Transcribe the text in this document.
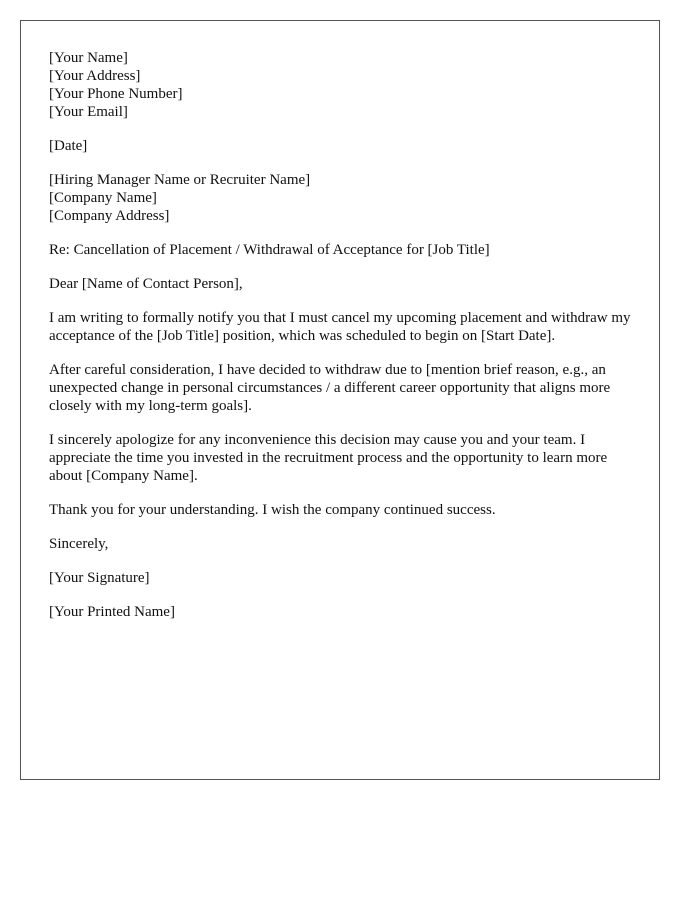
[Your Name]
[Your Address]
[Your Phone Number]
[Your Email]
[Date]
[Hiring Manager Name or Recruiter Name]
[Company Name]
[Company Address]

Re: Cancellation of Placement / Withdrawal of Acceptance for [Job Title]

Dear [Name of Contact Person],

I am writing to formally notify you that I must cancel my upcoming placement and withdraw my acceptance of the [Job Title] position, which was scheduled to begin on [Start Date].

After careful consideration, I have decided to withdraw due to [mention brief reason, e.g., an unexpected change in personal circumstances / a different career opportunity that aligns more closely with my long-term goals].

I sincerely apologize for any inconvenience this decision may cause you and your team. I appreciate the time you invested in the recruitment process and the opportunity to learn more about [Company Name].

Thank you for your understanding. I wish the company continued success.

Sincerely,

[Your Signature]

[Your Printed Name]
